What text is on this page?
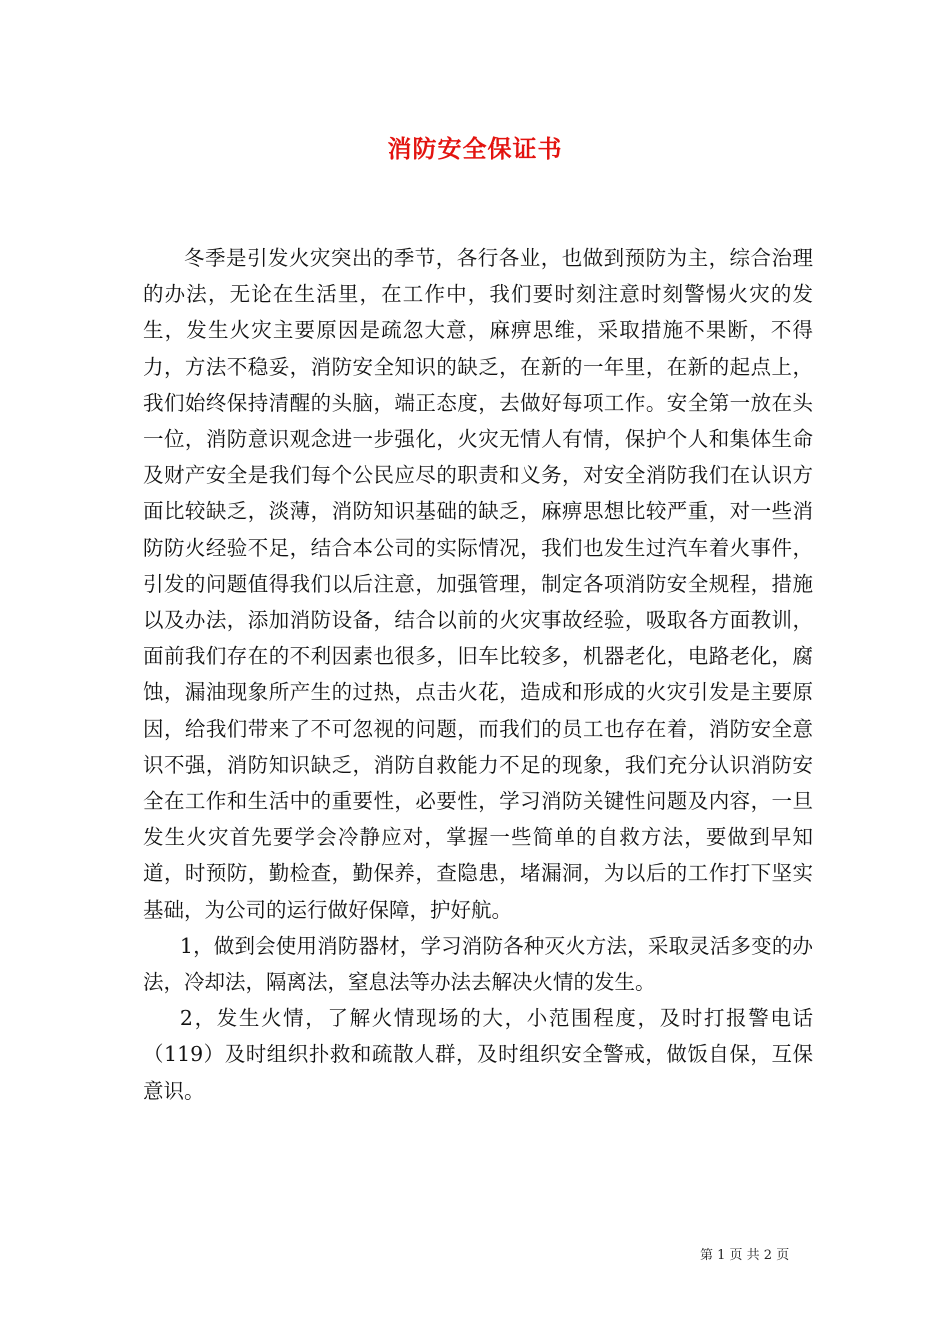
消防安全保证书

冬季是引发火灾突出的季节，各行各业，也做到预防为主，综合治理的办法，无论在生活里，在工作中，我们要时刻注意时刻警惕火灾的发生，发生火灾主要原因是疏忽大意，麻痹思维，采取措施不果断，不得力，方法不稳妥，消防安全知识的缺乏，在新的一年里，在新的起点上，我们始终保持清醒的头脑，端正态度，去做好每项工作。安全第一放在头一位，消防意识观念进一步强化，火灾无情人有情，保护个人和集体生命及财产安全是我们每个公民应尽的职责和义务，对安全消防我们在认识方面比较缺乏，淡薄，消防知识基础的缺乏，麻痹思想比较严重，对一些消防防火经验不足，结合本公司的实际情况，我们也发生过汽车着火事件，引发的问题值得我们以后注意，加强管理，制定各项消防安全规程，措施以及办法，添加消防设备，结合以前的火灾事故经验，吸取各方面教训，面前我们存在的不利因素也很多，旧车比较多，机器老化，电路老化，腐蚀，漏油现象所产生的过热，点击火花，造成和形成的火灾引发是主要原因，给我们带来了不可忽视的问题，而我们的员工也存在着，消防安全意识不强，消防知识缺乏，消防自救能力不足的现象，我们充分认识消防安全在工作和生活中的重要性，必要性，学习消防关键性问题及内容，一旦发生火灾首先要学会冷静应对，掌握一些简单的自救方法，要做到早知道，时预防，勤检查，勤保养，查隐患，堵漏洞，为以后的工作打下坚实基础，为公司的运行做好保障，护好航。

1，做到会使用消防器材，学习消防各种灭火方法，采取灵活多变的办法，冷却法，隔离法，窒息法等办法去解决火情的发生。

2，发生火情，了解火情现场的大，小范围程度，及时打报警电话（119）及时组织扑救和疏散人群，及时组织安全警戒，做饭自保，互保意识。

第 1 页 共 2 页
